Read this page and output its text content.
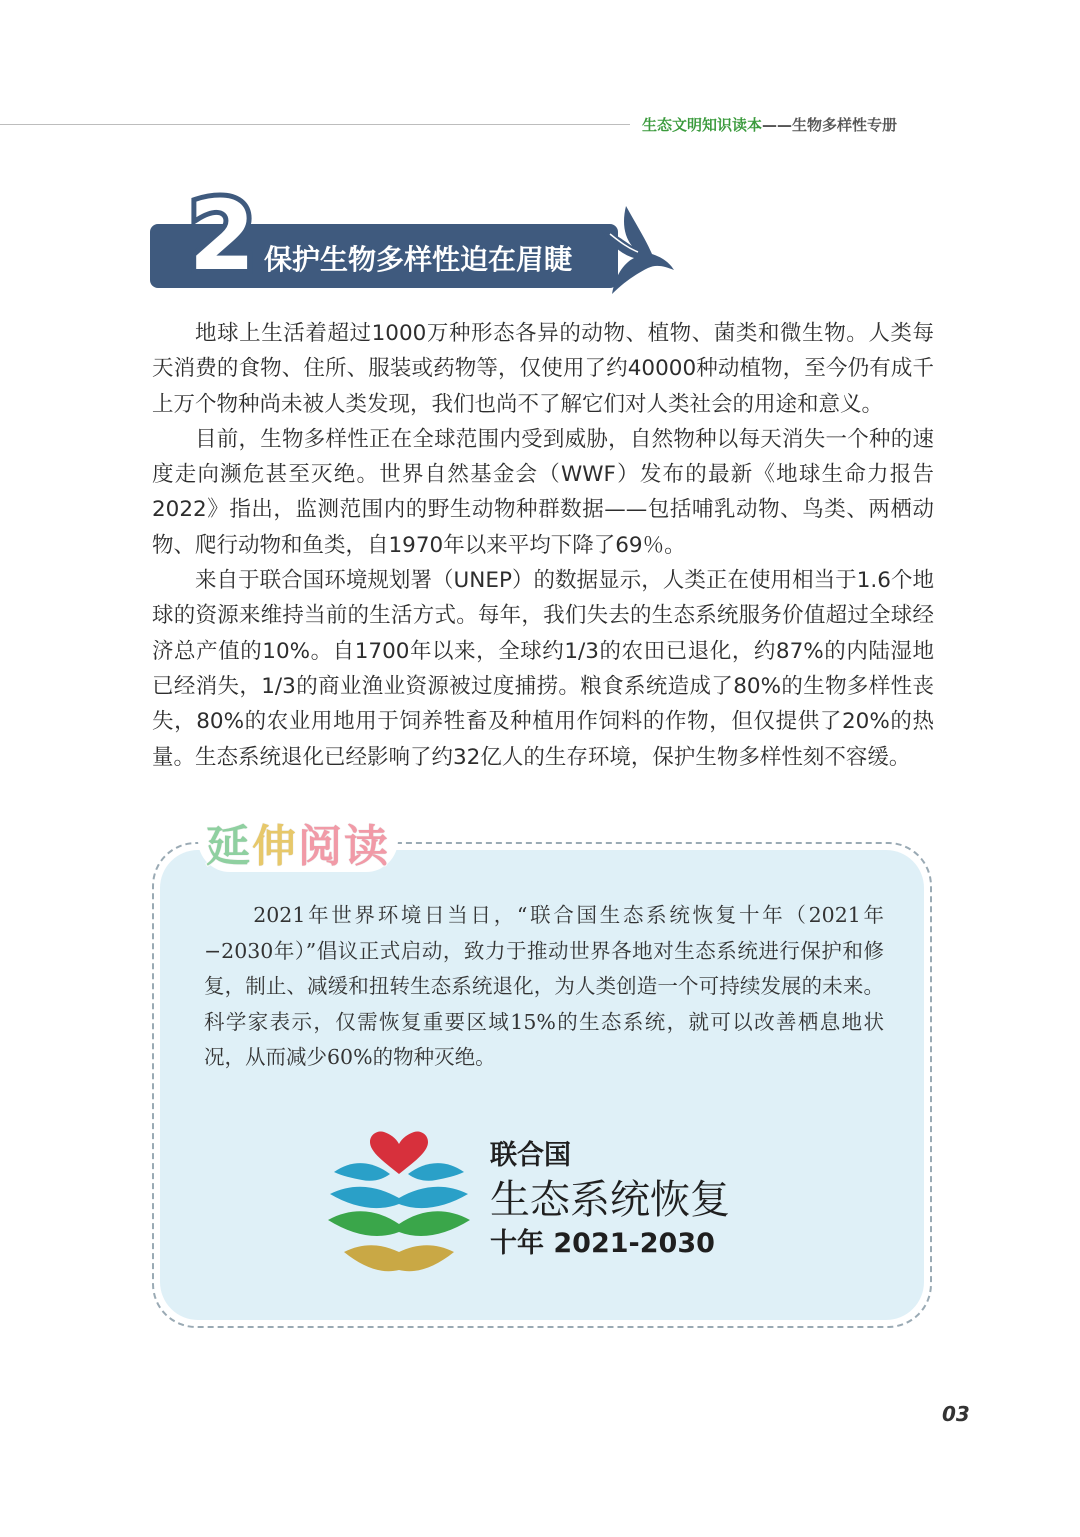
生态文明知识读本——生物多样性专册
2 保护生物多样性迫在眉睫

地球上生活着超过1000万种形态各异的动物、植物、菌类和微生物。人类每天消费的食物、住所、服装或药物等，仅使用了约40000种动植物，至今仍有成千上万个物种尚未被人类发现，我们也尚不了解它们对人类社会的用途和意义。

目前，生物多样性正在全球范围内受到威胁，自然物种以每天消失一个种的速度走向濒危甚至灭绝。世界自然基金会（WWF）发布的最新《地球生命力报告2022》指出，监测范围内的野生动物种群数据——包括哺乳动物、鸟类、两栖动物、爬行动物和鱼类，自1970年以来平均下降了69％。

来自于联合国环境规划署（UNEP）的数据显示，人类正在使用相当于1.6个地球的资源来维持当前的生活方式。每年，我们失去的生态系统服务价值超过全球经济总产值的10%。自1700年以来，全球约1/3的农田已退化，约87%的内陆湿地已经消失，1/3的商业渔业资源被过度捕捞。粮食系统造成了80%的生物多样性丧失，80%的农业用地用于饲养牲畜及种植用作饲料的作物，但仅提供了20%的热量。生态系统退化已经影响了约32亿人的生存环境，保护生物多样性刻不容缓。

延伸阅读
2021年世界环境日当日，“联合国生态系统恢复十年（2021年−2030年）”倡议正式启动，致力于推动世界各地对生态系统进行保护和修复，制止、减缓和扭转生态系统退化，为人类创造一个可持续发展的未来。科学家表示，仅需恢复重要区域15%的生态系统，就可以改善栖息地状况，从而减少60%的物种灭绝。
联合国
生态系统恢复
十年 2021-2030
03
